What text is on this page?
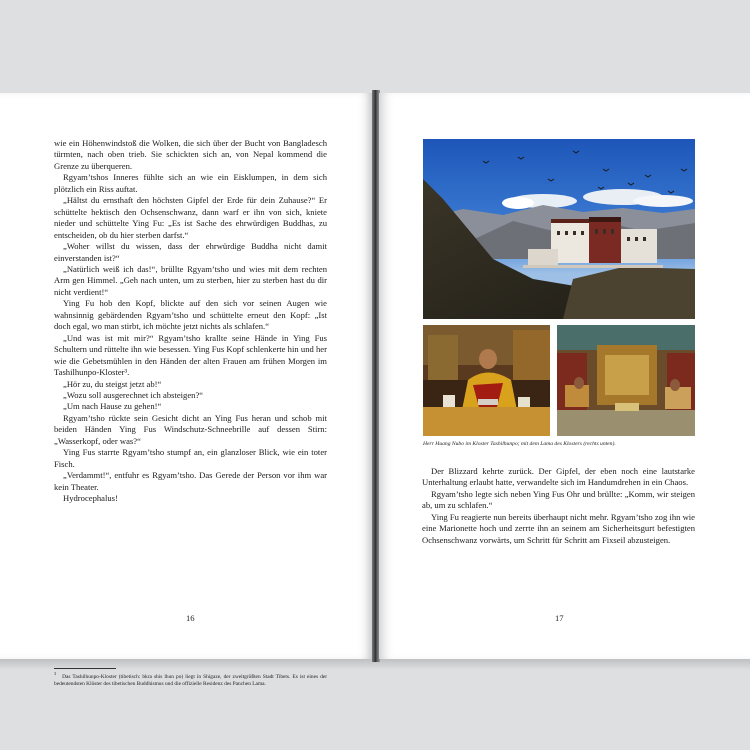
wie ein Höhenwindstoß die Wolken, die sich über der Bucht von Bangladesch türmten, nach oben trieb. Sie schickten sich an, von Nepal kommend die Grenze zu überqueren.

Rgyam’tshos Inneres fühlte sich an wie ein Eisklumpen, in dem sich plötzlich ein Riss auftat.

„Hältst du ernsthaft den höchsten Gipfel der Erde für dein Zuhause?“ Er schüttelte hektisch den Ochsenschwanz, dann warf er ihn von sich, kniete nieder und schüttelte Ying Fu: „Es ist Sache des ehrwürdigen Buddhas, zu entscheiden, ob du hier sterben darfst.“

„Woher willst du wissen, dass der ehrwürdige Buddha nicht damit einverstanden ist?“

„Natürlich weiß ich das!“, brüllte Rgyam’tsho und wies mit dem rechten Arm gen Himmel. „Geh nach unten, um zu sterben, hier zu sterben hast du dir nicht verdient!“

Ying Fu hob den Kopf, blickte auf den sich vor seinen Augen wie wahnsinnig gebärdenden Rgyam’tsho und schüttelte erneut den Kopf: „Ist doch egal, wo man stirbt, ich möchte jetzt nichts als schlafen.“

„Und was ist mit mir?“ Rgyam’tsho krallte seine Hände in Ying Fus Schultern und rüttelte ihn wie besessen. Ying Fus Kopf schlenkerte hin und her wie die Gebetsmühlen in den Händen der alten Frauen am frühen Morgen im Tashilhunpo-Kloster³.

„Hör zu, du steigst jetzt ab!“

„Wozu soll ausgerechnet ich absteigen?“

„Um nach Hause zu gehen!“

Rgyam’tsho rückte sein Gesicht dicht an Ying Fus heran und schob mit beiden Händen Ying Fus Windschutz-Schneebrille auf dessen Stirn: „Wasserkopf, oder was?“

Ying Fus starrte Rgyam’tsho stumpf an, ein glanzloser Blick, wie ein toter Fisch.

„Verdammt!“, entfuhr es Rgyam’tsho. Das Gerede der Person vor ihm war kein Theater.

Hydrocephalus!

$^3$Das Tashilhunpo-Kloster (tibetisch: bkra shis lhun po) liegt in Shigaze, der zweitgrößten Stadt Tibets. Es ist eines der bedeutendsten Klöster des tibetischen Buddhismus und die offizielle Residenz des Panchen Lama.
16

Der Blizzard kehrte zurück. Der Gipfel, der eben noch eine lautstarke Unterhaltung erlaubt hatte, verwandelte sich im Handumdrehen in ein Chaos.

Rgyam’tsho legte sich neben Ying Fus Ohr und brüllte: „Komm, wir steigen ab, um zu schlafen.“

Ying Fu reagierte nun bereits überhaupt nicht mehr. Rgyam’tsho zog ihn wie eine Marionette hoch und zerrte ihn an seinem am Sicherheitsgurt befestigten Ochsenschwanz vorwärts, um Schritt für Schritt am Fixseil abzusteigen.

17
Herr Huang Nubo im Kloster Tashilhunpo; mit dem Lama des Klosters (rechts unten).
